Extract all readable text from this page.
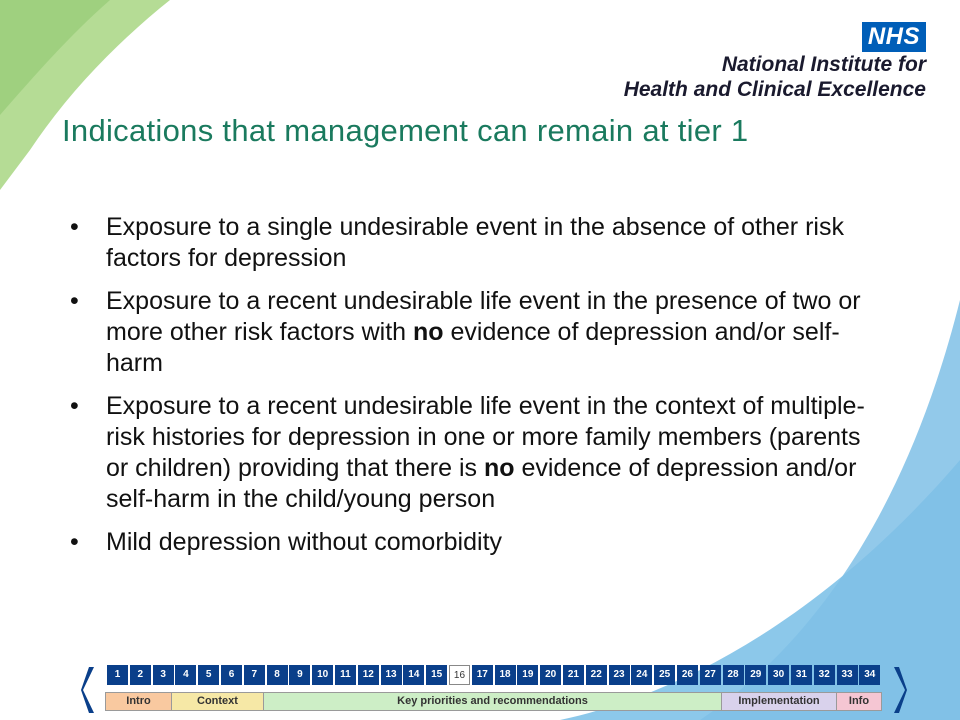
NHS
National Institute for
Health and Clinical Excellence
Indications that management can remain at tier 1
• Exposure to a single undesirable event in the absence of other risk factors for depression
• Exposure to a recent undesirable life event in the presence of two or more other risk factors with no evidence of depression and/or self-harm
• Exposure to a recent undesirable life event in the context of multiple-risk histories for depression in one or more family members (parents or children) providing that there is no evidence of depression and/or self-harm in the child/young person
• Mild depression without comorbidity
1	2	3	4	5	6	7	8	9	10	11	12	13	14	15	16	17	18	19	20	21	22	23	24	25	26	27	28	29	30	31	32	33	34
Intro	Context	Key priorities and recommendations	Implementation	Info
